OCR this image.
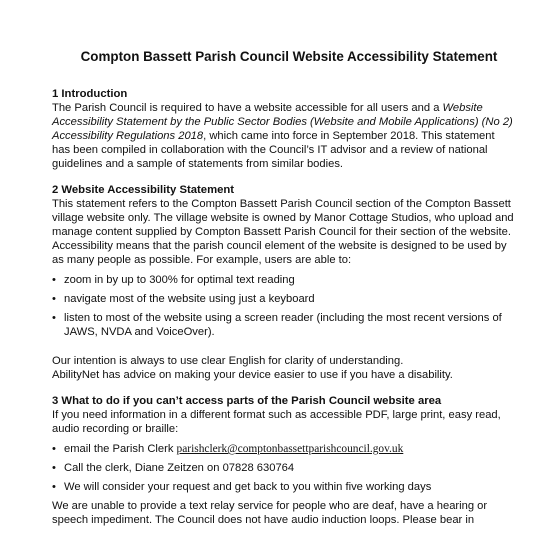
Compton Bassett Parish Council Website Accessibility Statement
1 Introduction

The Parish Council is required to have a website accessible for all users and a Website Accessibility Statement by the Public Sector Bodies (Website and Mobile Applications) (No 2) Accessibility Regulations 2018, which came into force in September 2018. This statement has been compiled in collaboration with the Council’s IT advisor and a review of national guidelines and a sample of statements from similar bodies.

2 Website Accessibility Statement

This statement refers to the Compton Bassett Parish Council section of the Compton Bassett village website only. The village website is owned by Manor Cottage Studios, who upload and manage content supplied by Compton Bassett Parish Council for their section of the website. Accessibility means that the parish council element of the website is designed to be used by as many people as possible. For example, users are able to:

• zoom in by up to 300% for optimal text reading
• navigate most of the website using just a keyboard
• listen to most of the website using a screen reader (including the most recent versions of JAWS, NVDA and VoiceOver).

Our intention is always to use clear English for clarity of understanding.

AbilityNet has advice on making your device easier to use if you have a disability.

3 What to do if you can’t access parts of the Parish Council website area

If you need information in a different format such as accessible PDF, large print, easy read, audio recording or braille:

• email the Parish Clerk parishclerk@comptonbassettparishcouncil.gov.uk
• Call the clerk, Diane Zeitzen on 07828 630764
• We will consider your request and get back to you within five working days

We are unable to provide a text relay service for people who are deaf, have a hearing or speech impediment. The Council does not have audio induction loops. Please bear in
